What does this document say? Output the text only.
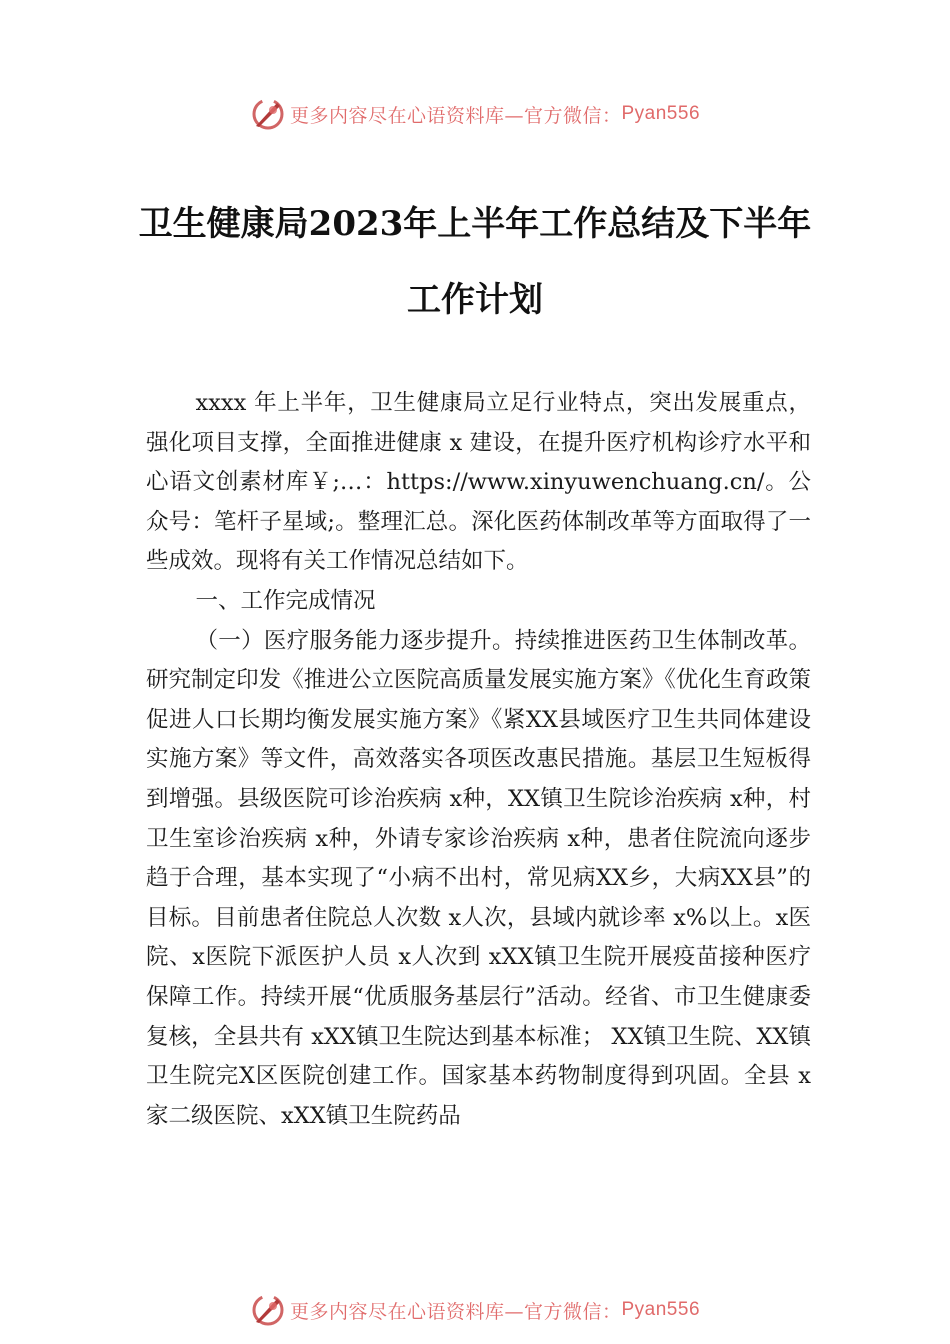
更多内容尽在心语资料库—官方微信： Pyan556
卫生健康局2023年上半年工作总结及下半年工作计划

xxxx 年上半年，卫生健康局立足行业特点，突出发展重点，强化项目支撑，全面推进健康 x 建设，在提升医疗机构诊疗水平和心语文创素材库￥;…：https://www.xinyuwenchuang.cn/。公众号：笔杆子星域;。整理汇总。深化医药体制改革等方面取得了一些成效。现将有关工作情况总结如下。

一、工作完成情况

（一）医疗服务能力逐步提升。持续推进医药卫生体制改革。研究制定印发《推进公立医院高质量发展实施方案》《优化生育政策促进人口长期均衡发展实施方案》《紧XX县域医疗卫生共同体建设实施方案》等文件，高效落实各项医改惠民措施。基层卫生短板得到增强。县级医院可诊治疾病 x种，XX镇卫生院诊治疾病 x种，村卫生室诊治疾病 x种，外请专家诊治疾病 x种，患者住院流向逐步趋于合理，基本实现了“小病不出村，常见病XX乡，大病XX县”的目标。目前患者住院总人次数 x人次，县域内就诊率 x%以上。x医院、x医院下派医护人员 x人次到 xXX镇卫生院开展疫苗接种医疗保障工作。持续开展“优质服务基层行”活动。经省、市卫生健康委复核，全县共有 xXX镇卫生院达到基本标准； XX镇卫生院、XX镇卫生院完X区医院创建工作。国家基本药物制度得到巩固。全县 x家二级医院、xXX镇卫生院药品

更多内容尽在心语资料库—官方微信： Pyan556
